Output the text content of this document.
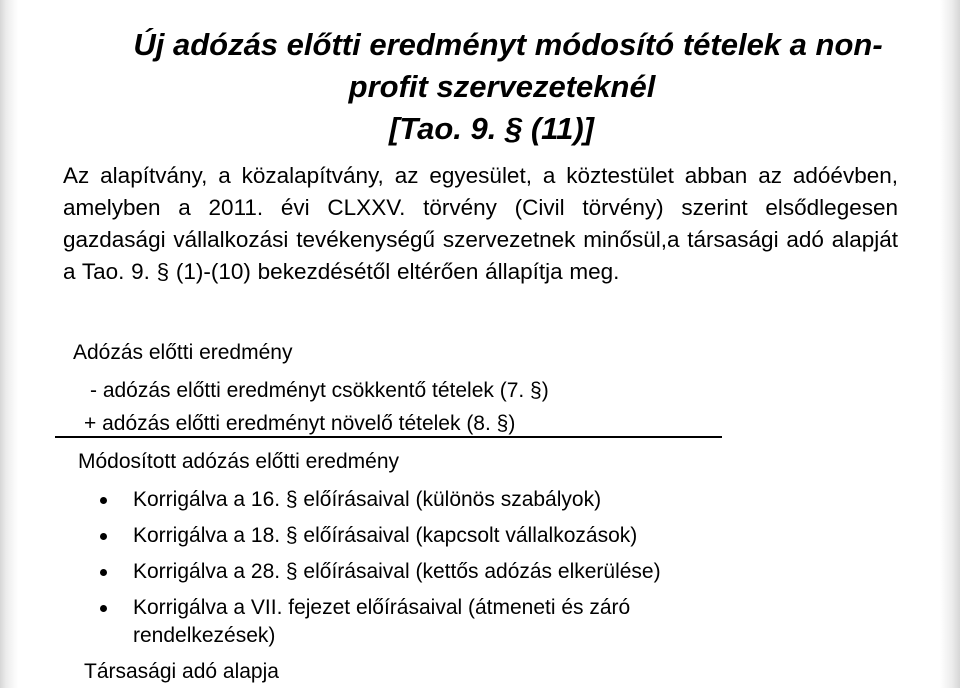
Új adózás előtti eredményt módosító tételek a non-
profit szervezeteknél
[Tao. 9. § (11)]
Az alapítvány, a közalapítvány, az egyesület, a köztestület abban az adóévben, amelyben a 2011. évi CLXXV. törvény (Civil törvény) szerint elsődlegesen gazdasági vállalkozási tevékenységű szervezetnek minősül,a társasági adó alapját a Tao. 9. § (1)-(10) bekezdésétől eltérően állapítja meg.
Adózás előtti eredmény
- adózás előtti eredményt csökkentő tételek (7. §)
+ adózás előtti eredményt növelő tételek (8. §)
Módosított adózás előtti eredmény
Korrigálva a 16. § előírásaival (különös szabályok)
Korrigálva a 18. § előírásaival (kapcsolt vállalkozások)
Korrigálva a 28. § előírásaival (kettős adózás elkerülése)
Korrigálva a VII. fejezet előírásaival (átmeneti és záró rendelkezések)
Társasági adó alapja
